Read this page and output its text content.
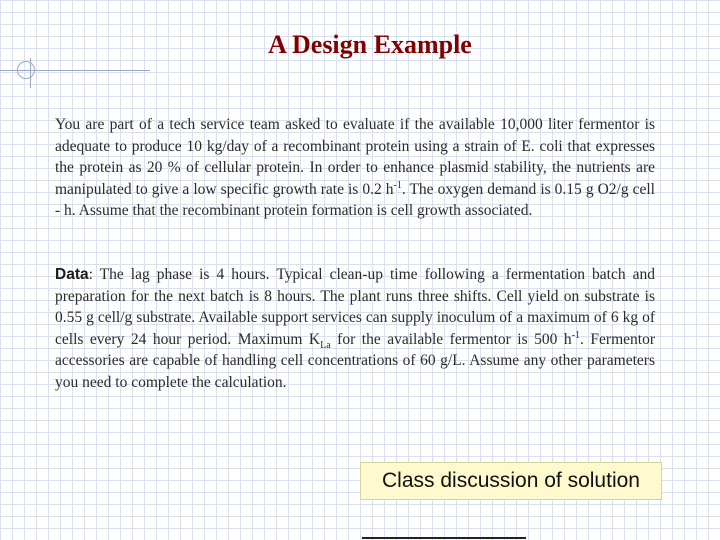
A Design Example
You are part of a tech service team asked to evaluate if the available 10,000 liter fermentor is adequate to produce 10 kg/day of a recombinant protein using a strain of E. coli that expresses the protein as 20 % of cellular protein. In order to enhance plasmid stability, the nutrients are manipulated to give a low specific growth rate is 0.2 $h^{-1}$. The oxygen demand is 0.15 g O2/g cell - h. Assume that the recombinant protein formation is cell growth associated.
Data: The lag phase is 4 hours. Typical clean-up time following a fermentation batch and preparation for the next batch is 8 hours. The plant runs three shifts. Cell yield on substrate is 0.55 g cell/g substrate. Available support services can supply inoculum of a maximum of 6 kg of cells every 24 hour period. Maximum $K_{La}$ for the available fermentor is 500 $h^{-1}$. Fermentor accessories are capable of handling cell concentrations of 60 g/L. Assume any other parameters you need to complete the calculation.
Class discussion of solution
